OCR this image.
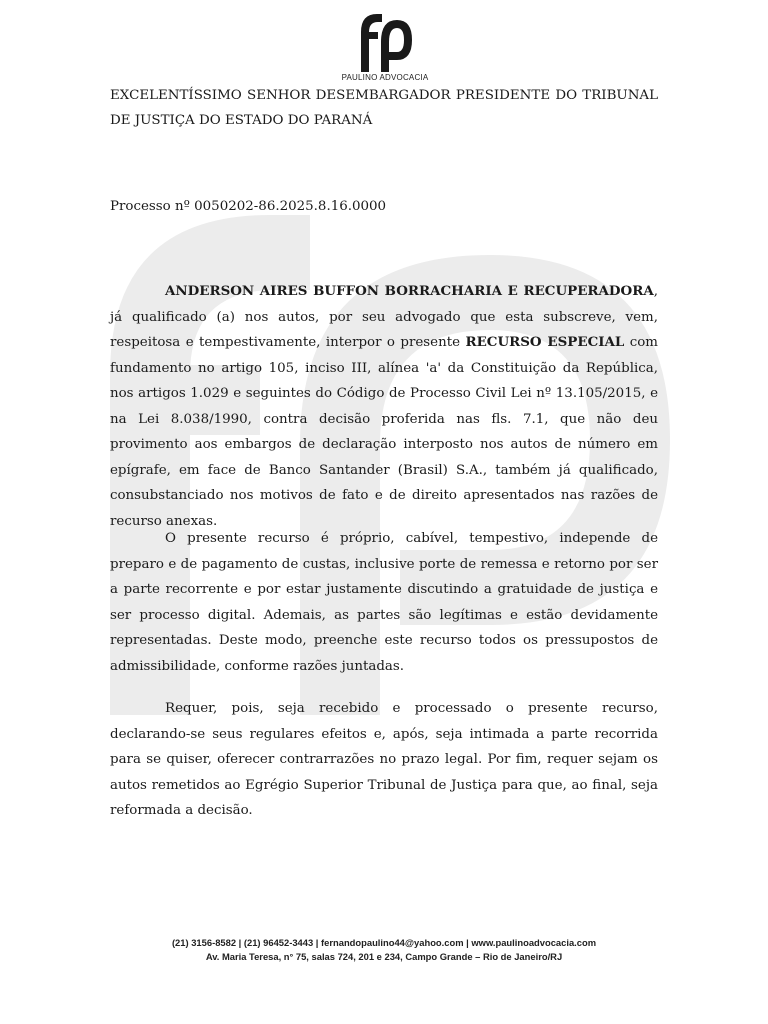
PAULINO ADVOCACIA

EXCELENTÍSSIMO SENHOR DESEMBARGADOR PRESIDENTE DO TRIBUNAL DE JUSTIÇA DO ESTADO DO PARANÁ

Processo nº 0050202-86.2025.8.16.0000

ANDERSON AIRES BUFFON BORRACHARIA E RECUPERADORA, já qualificado (a) nos autos, por seu advogado que esta subscreve, vem, respeitosa e tempestivamente, interpor o presente RECURSO ESPECIAL com fundamento no artigo 105, inciso III, alínea 'a' da Constituição da República, nos artigos 1.029 e seguintes do Código de Processo Civil Lei nº 13.105/2015, e na Lei 8.038/1990, contra decisão proferida nas fls. 7.1, que não deu provimento aos embargos de declaração interposto nos autos de número em epígrafe, em face de Banco Santander (Brasil) S.A., também já qualificado, consubstanciado nos motivos de fato e de direito apresentados nas razões de recurso anexas.

O presente recurso é próprio, cabível, tempestivo, independe de preparo e de pagamento de custas, inclusive porte de remessa e retorno por ser a parte recorrente e por estar justamente discutindo a gratuidade de justiça e ser processo digital. Ademais, as partes são legítimas e estão devidamente representadas. Deste modo, preenche este recurso todos os pressupostos de admissibilidade, conforme razões juntadas.

Requer, pois, seja recebido e processado o presente recurso, declarando-se seus regulares efeitos e, após, seja intimada a parte recorrida para se quiser, oferecer contrarrazões no prazo legal. Por fim, requer sejam os autos remetidos ao Egrégio Superior Tribunal de Justiça para que, ao final, seja reformada a decisão.

(21) 3156-8582 | (21) 96452-3443 | fernandopaulino44@yahoo.com | www.paulinoadvocacia.com
Av. Maria Teresa, n° 75, salas 724, 201 e 234, Campo Grande – Rio de Janeiro/RJ
